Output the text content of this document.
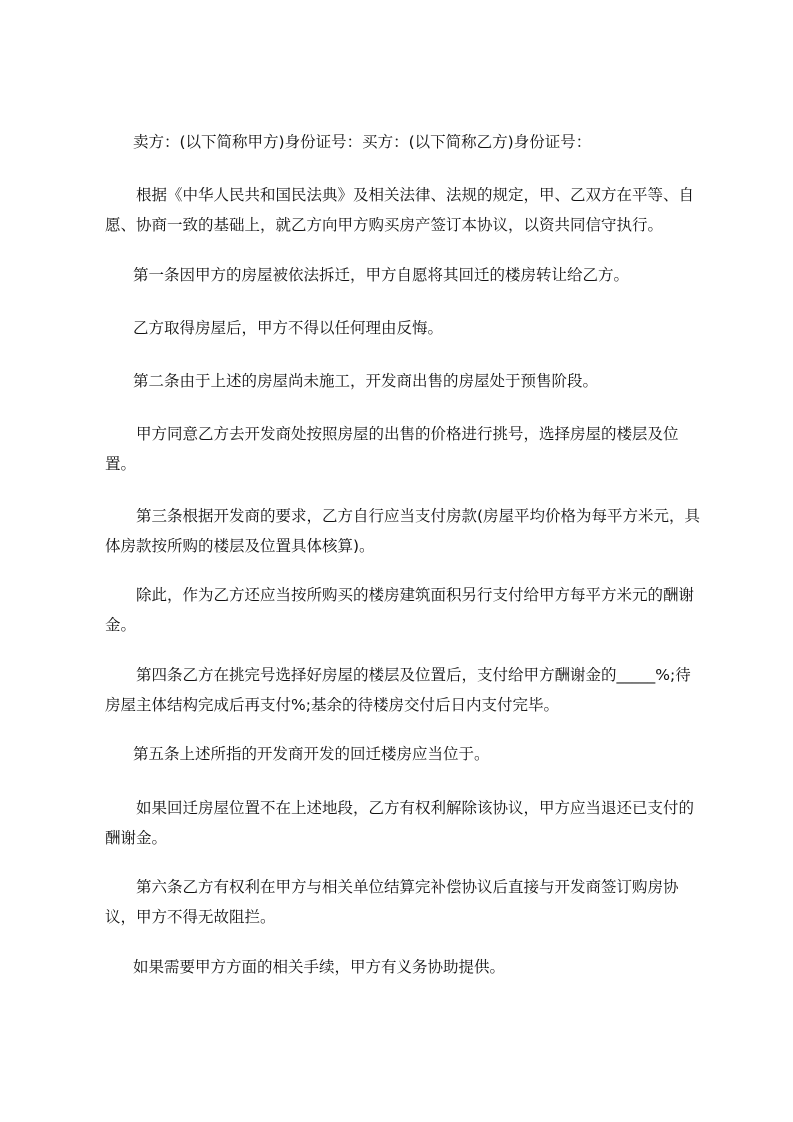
卖方：(以下简称甲方)身份证号：买方：(以下简称乙方)身份证号：

根据《中华人民共和国民法典》及相关法律、法规的规定，甲、乙双方在平等、自愿、协商一致的基础上，就乙方向甲方购买房产签订本协议，以资共同信守执行。

第一条因甲方的房屋被依法拆迁，甲方自愿将其回迁的楼房转让给乙方。

乙方取得房屋后，甲方不得以任何理由反悔。

第二条由于上述的房屋尚未施工，开发商出售的房屋处于预售阶段。

甲方同意乙方去开发商处按照房屋的出售的价格进行挑号，选择房屋的楼层及位置。

第三条根据开发商的要求，乙方自行应当支付房款(房屋平均价格为每平方米元，具体房款按所购的楼层及位置具体核算)。

除此，作为乙方还应当按所购买的楼房建筑面积另行支付给甲方每平方米元的酬谢金。

第四条乙方在挑完号选择好房屋的楼层及位置后，支付给甲方酬谢金的_____%;待房屋主体结构完成后再支付%;基余的待楼房交付后日内支付完毕。

第五条上述所指的开发商开发的回迁楼房应当位于。

如果回迁房屋位置不在上述地段，乙方有权利解除该协议，甲方应当退还已支付的酬谢金。

第六条乙方有权利在甲方与相关单位结算完补偿协议后直接与开发商签订购房协议，甲方不得无故阻拦。

如果需要甲方方面的相关手续，甲方有义务协助提供。
